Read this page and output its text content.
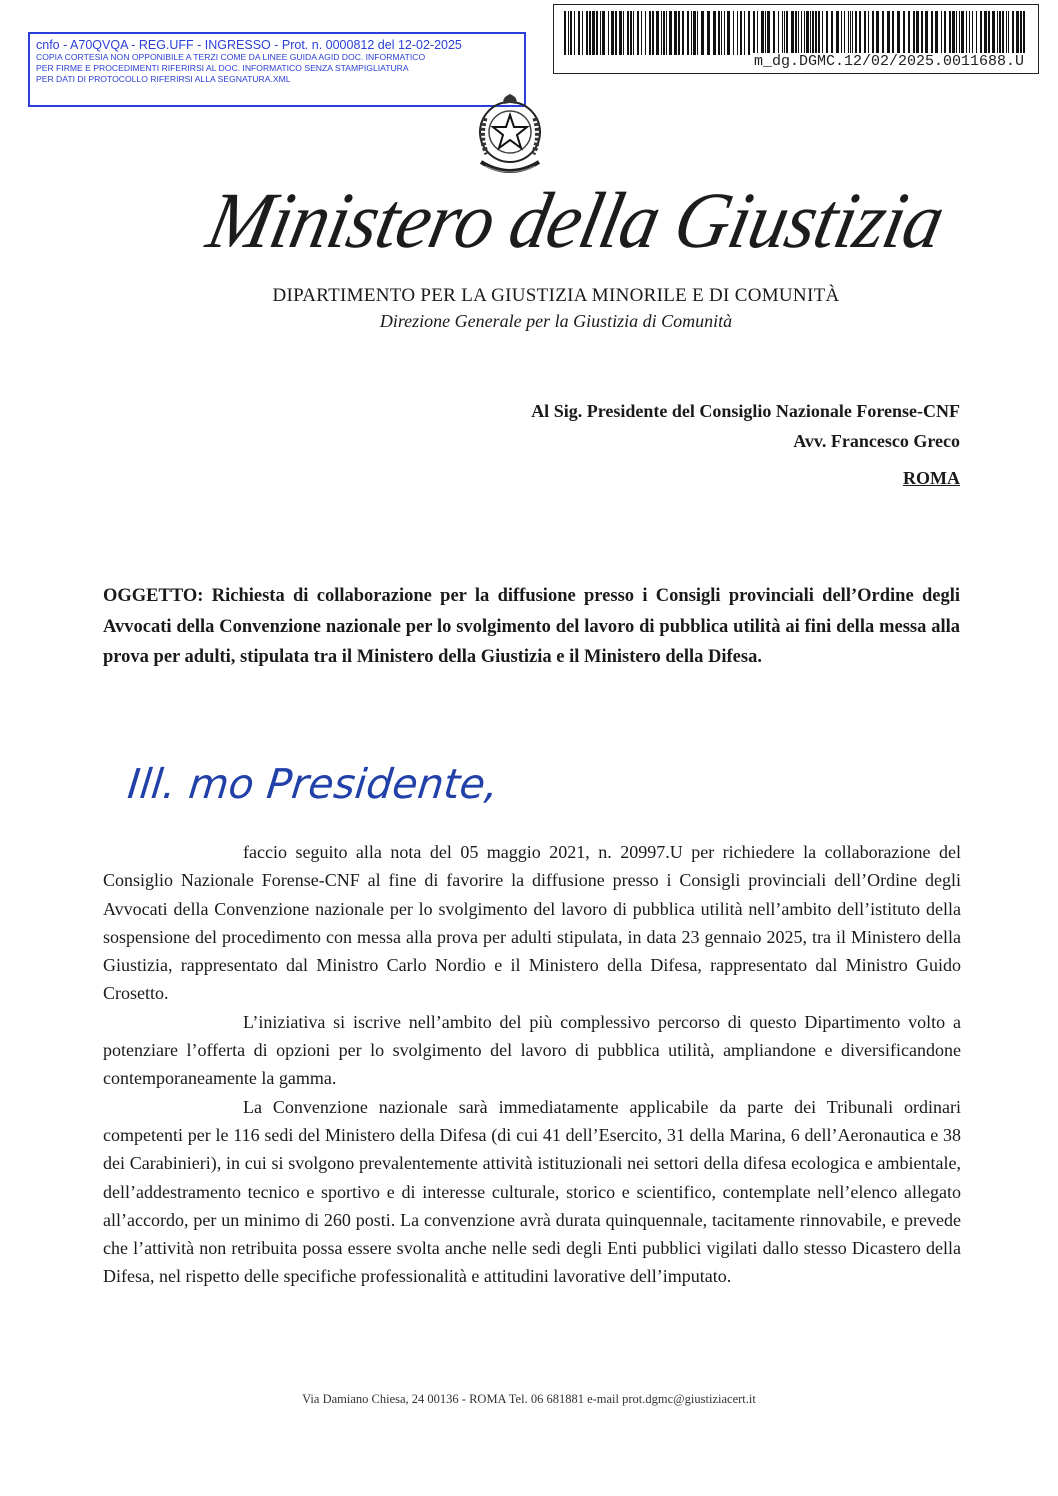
cnfo - A70QVQA - REG.UFF - INGRESSO - Prot. n. 0000812 del 12-02-2025
COPIA CORTESIA NON OPPONIBILE A TERZI COME DA LINEE GUIDA AGID DOC. INFORMATICO
PER FIRME E PROCEDIMENTI RIFERIRSI AL DOC. INFORMATICO SENZA STAMPIGLIATURA
PER DATI DI PROTOCOLLO RIFERIRSI ALLA SEGNATURA.XML
m_dg.DGMC.12/02/2025.0011688.U
Ministero della Giustizia
DIPARTIMENTO PER LA GIUSTIZIA MINORILE E DI COMUNITÀ
Direzione Generale per la Giustizia di Comunità
Al Sig. Presidente del Consiglio Nazionale Forense-CNF
Avv. Francesco Greco
ROMA
OGGETTO: Richiesta di collaborazione per la diffusione presso i Consigli provinciali dell’Ordine degli Avvocati della Convenzione nazionale per lo svolgimento del lavoro di pubblica utilità ai fini della messa alla prova per adulti, stipulata tra il Ministero della Giustizia e il Ministero della Difesa.
Ill. mo Presidente,

faccio seguito alla nota del 05 maggio 2021, n. 20997.U per richiedere la collaborazione del Consiglio Nazionale Forense-CNF al fine di favorire la diffusione presso i Consigli provinciali dell’Ordine degli Avvocati della Convenzione nazionale per lo svolgimento del lavoro di pubblica utilità nell’ambito dell’istituto della sospensione del procedimento con messa alla prova per adulti stipulata, in data 23 gennaio 2025, tra il Ministero della Giustizia, rappresentato dal Ministro Carlo Nordio e il Ministero della Difesa, rappresentato dal Ministro Guido Crosetto.

L’iniziativa si iscrive nell’ambito del più complessivo percorso di questo Dipartimento volto a potenziare l’offerta di opzioni per lo svolgimento del lavoro di pubblica utilità, ampliandone e diversificandone contemporaneamente la gamma.

La Convenzione nazionale sarà immediatamente applicabile da parte dei Tribunali ordinari competenti per le 116 sedi del Ministero della Difesa (di cui 41 dell’Esercito, 31 della Marina, 6 dell’Aeronautica e 38 dei Carabinieri), in cui si svolgono prevalentemente attività istituzionali nei settori della difesa ecologica e ambientale, dell’addestramento tecnico e sportivo e di interesse culturale, storico e scientifico, contemplate nell’elenco allegato all’accordo, per un minimo di 260 posti. La convenzione avrà durata quinquennale, tacitamente rinnovabile, e prevede che l’attività non retribuita possa essere svolta anche nelle sedi degli Enti pubblici vigilati dallo stesso Dicastero della Difesa, nel rispetto delle specifiche professionalità e attitudini lavorative dell’imputato.

Via Damiano Chiesa, 24 00136 - ROMA Tel. 06 681881 e-mail prot.dgmc@giustiziacert.it
